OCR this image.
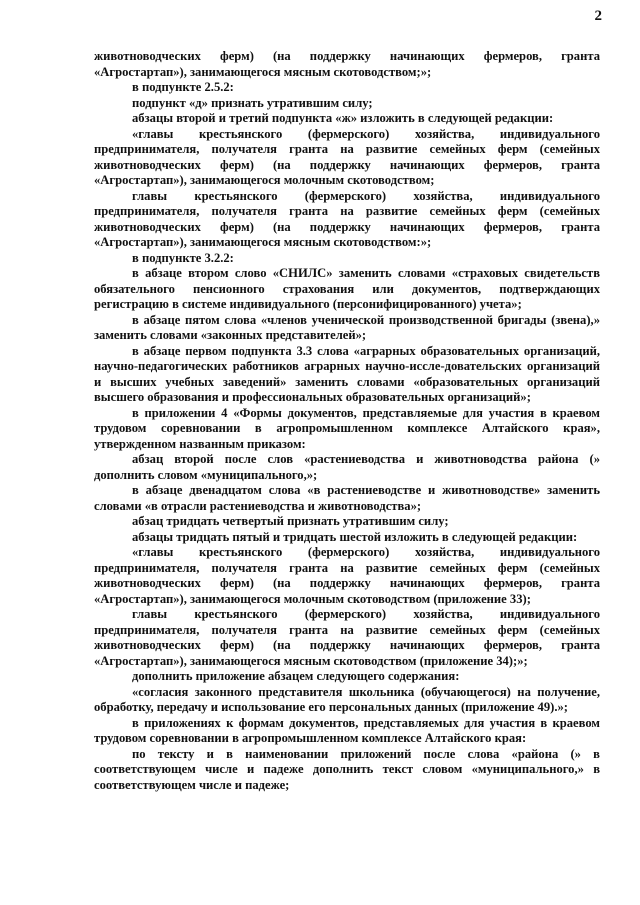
2

животноводческих ферм) (на поддержку начинающих фермеров, гранта «Агростартап»), занимающегося мясным скотоводством;»;

в подпункте 2.5.2:

подпункт «д» признать утратившим силу;

абзацы второй и третий подпункта «ж» изложить в следующей редакции:

«главы крестьянского (фермерского) хозяйства, индивидуального предпринимателя, получателя гранта на развитие семейных ферм (семейных животноводческих ферм) (на поддержку начинающих фермеров, гранта «Агростартап»), занимающегося молочным скотоводством;

главы крестьянского (фермерского) хозяйства, индивидуального предпринимателя, получателя гранта на развитие семейных ферм (семейных животноводческих ферм) (на поддержку начинающих фермеров, гранта «Агростартап»), занимающегося мясным скотоводством:»;

в подпункте 3.2.2:

в абзаце втором слово «СНИЛС» заменить словами «страховых свидетельств обязательного пенсионного страхования или документов, подтверждающих регистрацию в системе индивидуального (персонифицированного) учета»;

в абзаце пятом слова «членов ученической производственной бригады (звена),» заменить словами «законных представителей»;

в абзаце первом подпункта 3.3 слова «аграрных образовательных организаций, научно-педагогических работников аграрных научно-иссле-довательских организаций и высших учебных заведений» заменить словами «образовательных организаций высшего образования и профессиональных образовательных организаций»;

в приложении 4 «Формы документов, представляемые для участия в краевом трудовом соревновании в агропромышленном комплексе Алтайского края», утвержденном названным приказом:

абзац второй после слов «растениеводства и животноводства района (» дополнить словом «муниципального,»;

в абзаце двенадцатом слова «в растениеводстве и животноводстве» заменить словами «в отрасли растениеводства и животноводства»;

абзац тридцать четвертый признать утратившим силу;

абзацы тридцать пятый и тридцать шестой изложить в следующей редакции:

«главы крестьянского (фермерского) хозяйства, индивидуального предпринимателя, получателя гранта на развитие семейных ферм (семейных животноводческих ферм) (на поддержку начинающих фермеров, гранта «Агростартап»), занимающегося молочным скотоводством (приложение 33);

главы крестьянского (фермерского) хозяйства, индивидуального предпринимателя, получателя гранта на развитие семейных ферм (семейных животноводческих ферм) (на поддержку начинающих фермеров, гранта «Агростартап»), занимающегося мясным скотоводством (приложение 34);»;

дополнить приложение абзацем следующего содержания:

«согласия законного представителя школьника (обучающегося) на получение, обработку, передачу и использование его персональных данных (приложение 49).»;

в приложениях к формам документов, представляемых для участия в краевом трудовом соревновании в агропромышленном комплексе Алтайского края:

по тексту и в наименовании приложений после слова «района (» в соответствующем числе и падеже дополнить текст словом «муниципального,» в соответствующем числе и падеже;
